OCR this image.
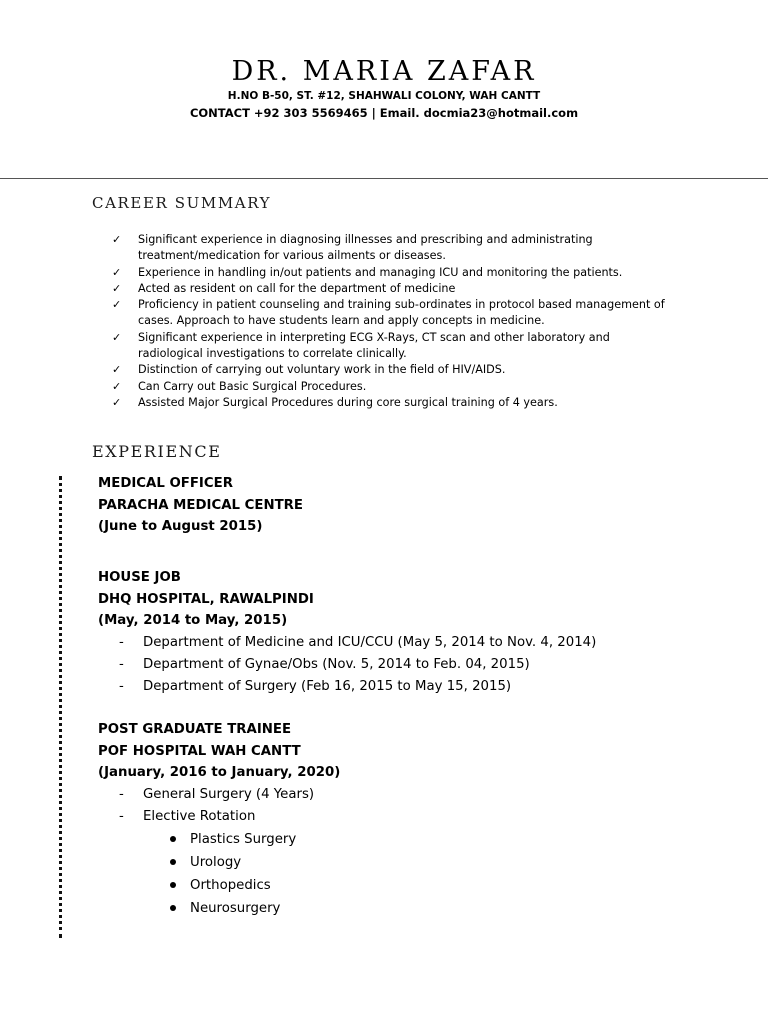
DR. MARIA ZAFAR

H.NO B-50, ST. #12, SHAHWALI COLONY, WAH CANTT

CONTACT +92 303 5569465 | Email. docmia23@hotmail.com

CAREER SUMMARY
✓ Significant experience in diagnosing illnesses and prescribing and administrating treatment/medication for various ailments or diseases.
✓ Experience in handling in/out patients and managing ICU and monitoring the patients.
✓ Acted as resident on call for the department of medicine
✓ Proficiency in patient counseling and training sub-ordinates in protocol based management of cases. Approach to have students learn and apply concepts in medicine.
✓ Significant experience in interpreting ECG X-Rays, CT scan and other laboratory and radiological investigations to correlate clinically.
✓ Distinction of carrying out voluntary work in the field of HIV/AIDS.
✓ Can Carry out Basic Surgical Procedures.
✓ Assisted Major Surgical Procedures during core surgical training of 4 years.
EXPERIENCE
MEDICAL OFFICER
PARACHA MEDICAL CENTRE
(June to August 2015)
HOUSE JOB
DHQ HOSPITAL, RAWALPINDI
(May, 2014 to May, 2015)
- Department of Medicine and ICU/CCU (May 5, 2014 to Nov. 4, 2014)
- Department of Gynae/Obs (Nov. 5, 2014 to Feb. 04, 2015)
- Department of Surgery (Feb 16, 2015 to May 15, 2015)
POST GRADUATE TRAINEE
POF HOSPITAL WAH CANTT
(January, 2016 to January, 2020)
- General Surgery (4 Years)
- Elective Rotation
Plastics Surgery
Urology
Orthopedics
Neurosurgery
